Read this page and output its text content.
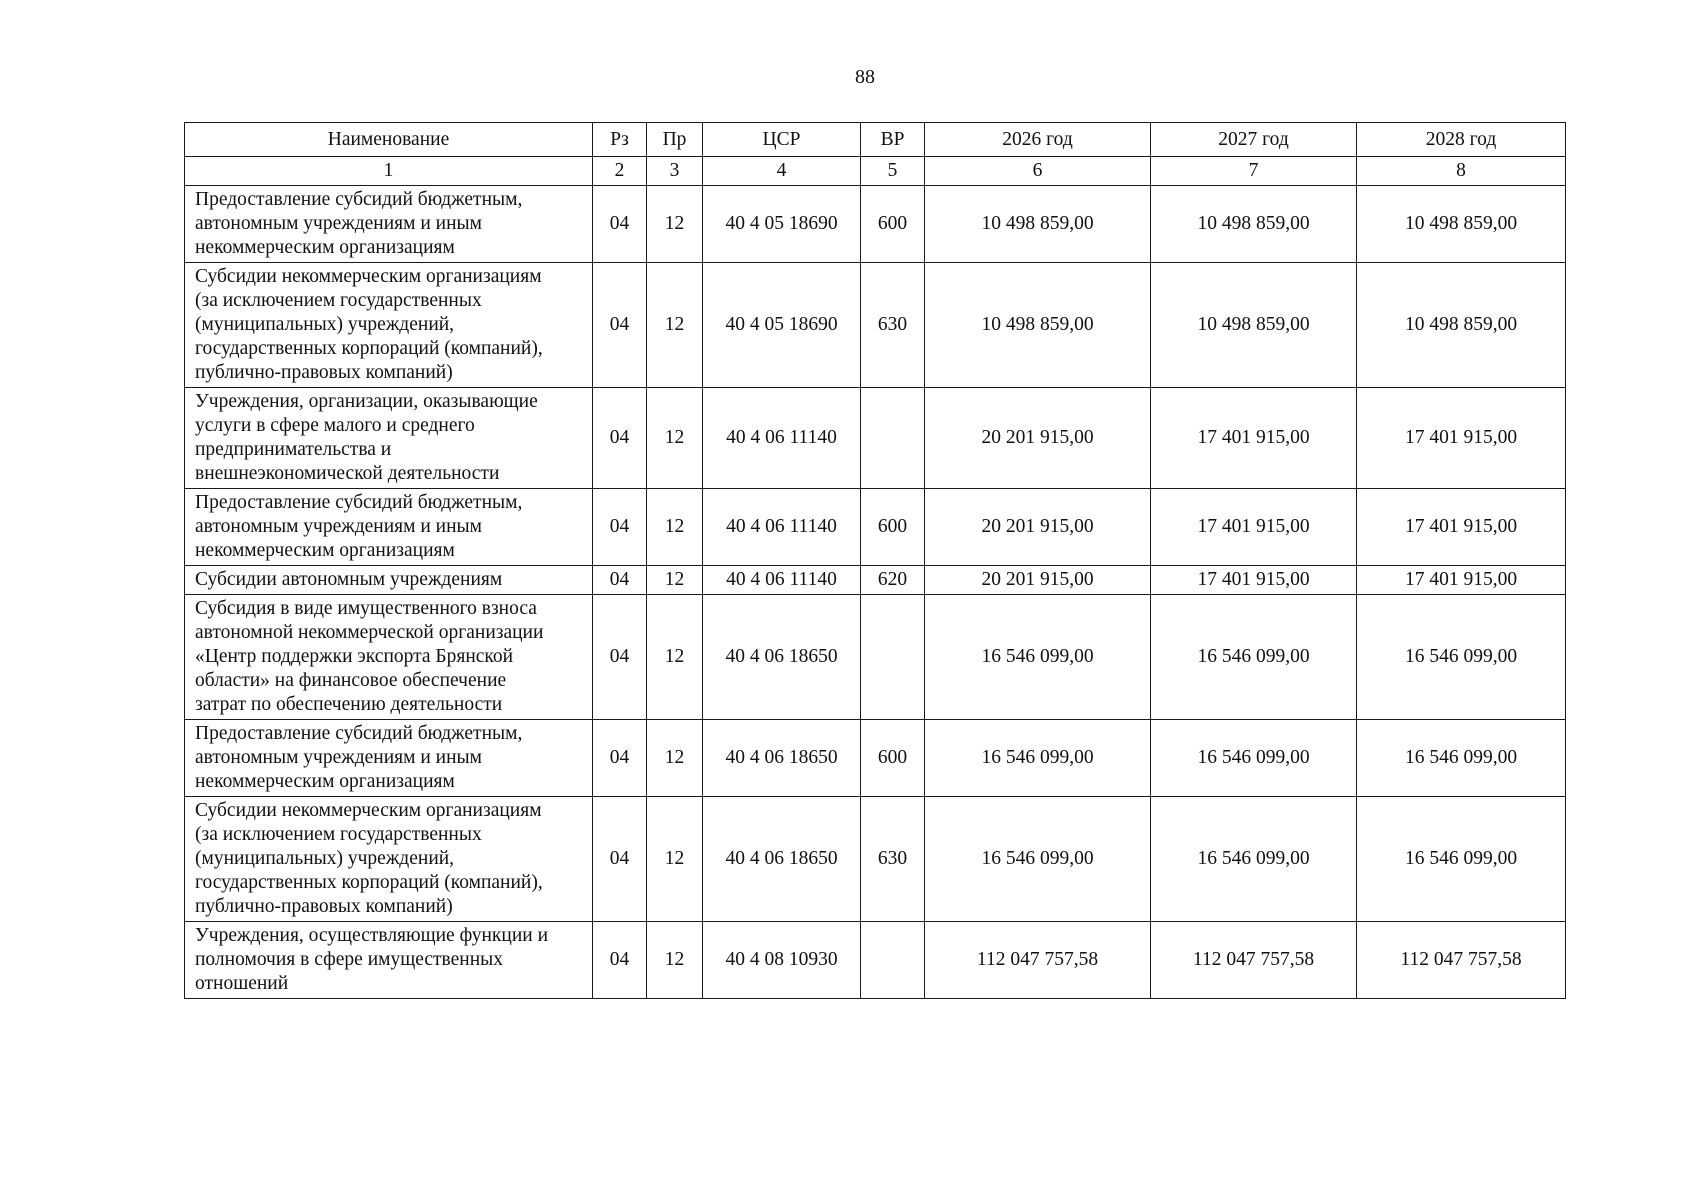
88
Наименование	Рз	Пр	ЦСР	ВР	2026 год	2027 год	2028 год
1	2	3	4	5	6	7	8
Предоставление субсидий бюджетным,
автономным учреждениям и иным
некоммерческим организациям	04	12	40 4 05 18690	600	10 498 859,00	10 498 859,00	10 498 859,00
Субсидии некоммерческим организациям
(за исключением государственных
(муниципальных) учреждений,
государственных корпораций (компаний),
публично-правовых компаний)	04	12	40 4 05 18690	630	10 498 859,00	10 498 859,00	10 498 859,00
Учреждения, организации, оказывающие
услуги в сфере малого и среднего
предпринимательства и
внешнеэкономической деятельности	04	12	40 4 06 11140		20 201 915,00	17 401 915,00	17 401 915,00
Предоставление субсидий бюджетным,
автономным учреждениям и иным
некоммерческим организациям	04	12	40 4 06 11140	600	20 201 915,00	17 401 915,00	17 401 915,00
Субсидии автономным учреждениям	04	12	40 4 06 11140	620	20 201 915,00	17 401 915,00	17 401 915,00
Субсидия в виде имущественного взноса
автономной некоммерческой организации
«Центр поддержки экспорта Брянской
области» на финансовое обеспечение
затрат по обеспечению деятельности	04	12	40 4 06 18650		16 546 099,00	16 546 099,00	16 546 099,00
Предоставление субсидий бюджетным,
автономным учреждениям и иным
некоммерческим организациям	04	12	40 4 06 18650	600	16 546 099,00	16 546 099,00	16 546 099,00
Субсидии некоммерческим организациям
(за исключением государственных
(муниципальных) учреждений,
государственных корпораций (компаний),
публично-правовых компаний)	04	12	40 4 06 18650	630	16 546 099,00	16 546 099,00	16 546 099,00
Учреждения, осуществляющие функции и
полномочия в сфере имущественных
отношений	04	12	40 4 08 10930		112 047 757,58	112 047 757,58	112 047 757,58
